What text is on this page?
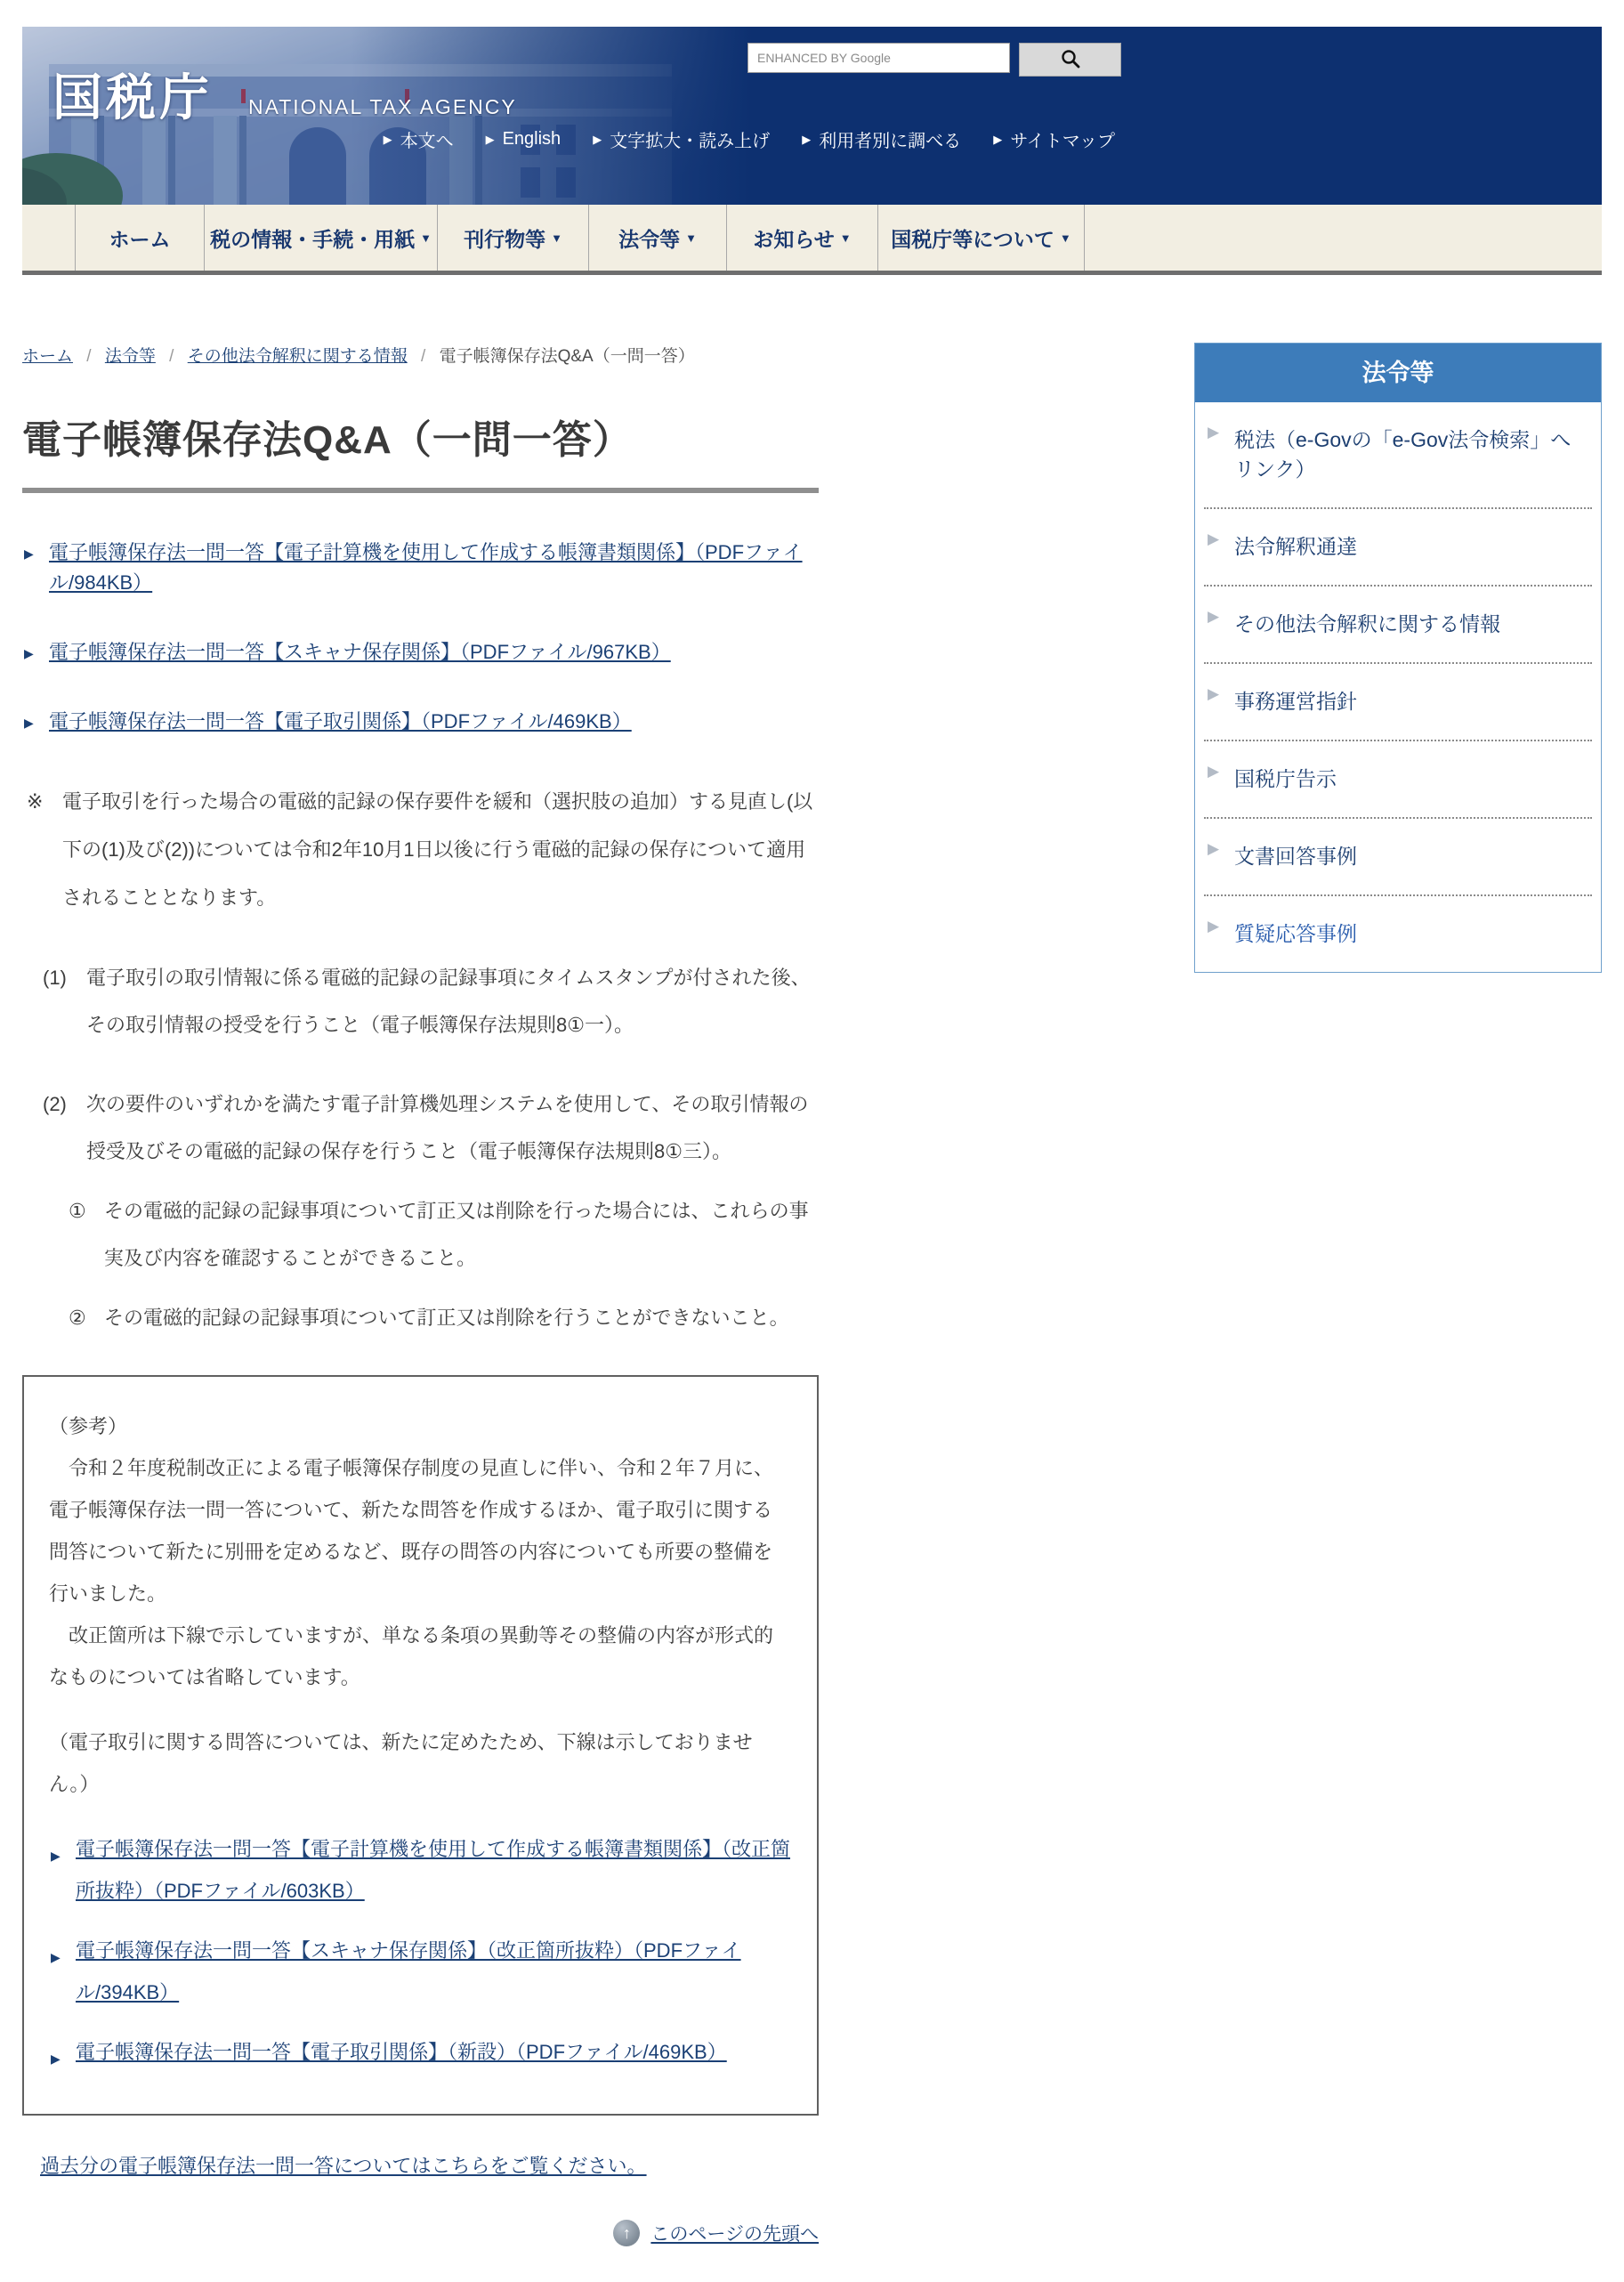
国税庁 NATIONAL TAX AGENCY
ENHANCED BY Google
▶ 本文へ	▶ English	▶ 文字拡大・読み上げ	▶ 利用者別に調べる	▶ サイトマップ
ホーム 税の情報・手続・用紙 ▼ 刊行物等 ▼	法令等 ▼	お知らせ ▼ 国税庁等について ▼
ホーム / 法令等 / その他法令解釈に関する情報 / 電子帳簿保存法Q&A（一問一答）
電子帳簿保存法Q&A（一問一答）
▶ 電子帳簿保存法一問一答【電子計算機を使用して作成する帳簿書類関係】（PDFファイル/984KB）
▶ 電子帳簿保存法一問一答【スキャナ保存関係】（PDFファイル/967KB）
▶ 電子帳簿保存法一問一答【電子取引関係】（PDFファイル/469KB）
※ 電子取引を行った場合の電磁的記録の保存要件を緩和（選択肢の追加）する見直し(以下の(1)及び(2))については令和2年10月1日以後に行う電磁的記録の保存について適用されることとなります。
(1)	電子取引の取引情報に係る電磁的記録の記録事項にタイムスタンプが付された後、その取引情報の授受を行うこと（電子帳簿保存法規則8①一）。
(2)	次の要件のいずれかを満たす電子計算機処理システムを使用して、その取引情報の授受及びその電磁的記録の保存を行うこと（電子帳簿保存法規則8①三）。
① その電磁的記録の記録事項について訂正又は削除を行った場合には、これらの事実及び内容を確認することができること。
② その電磁的記録の記録事項について訂正又は削除を行うことができないこと。

（参考）

　令和２年度税制改正による電子帳簿保存制度の見直しに伴い、令和２年７月に、電子帳簿保存法一問一答について、新たな問答を作成するほか、電子取引に関する問答について新たに別冊を定めるなど、既存の問答の内容についても所要の整備を行いました。

　改正箇所は下線で示していますが、単なる条項の異動等その整備の内容が形式的なものについては省略しています。

（電子取引に関する問答については、新たに定めたため、下線は示しておりません。）

▶ 電子帳簿保存法一問一答【電子計算機を使用して作成する帳簿書類関係】（改正箇所抜粋）（PDFファイル/603KB）
▶ 電子帳簿保存法一問一答【スキャナ保存関係】（改正箇所抜粋）（PDFファイル/394KB）
▶ 電子帳簿保存法一問一答【電子取引関係】（新設）（PDFファイル/469KB）

過去分の電子帳簿保存法一問一答についてはこちらをご覧ください。

↑	このページの先頭へ
法令等
▶ 税法（e-Govの「e-Gov法令検索」へリンク）
▶ 法令解釈通達
▶ その他法令解釈に関する情報
▶ 事務運営指針
▶ 国税庁告示
▶ 文書回答事例
▶ 質疑応答事例
